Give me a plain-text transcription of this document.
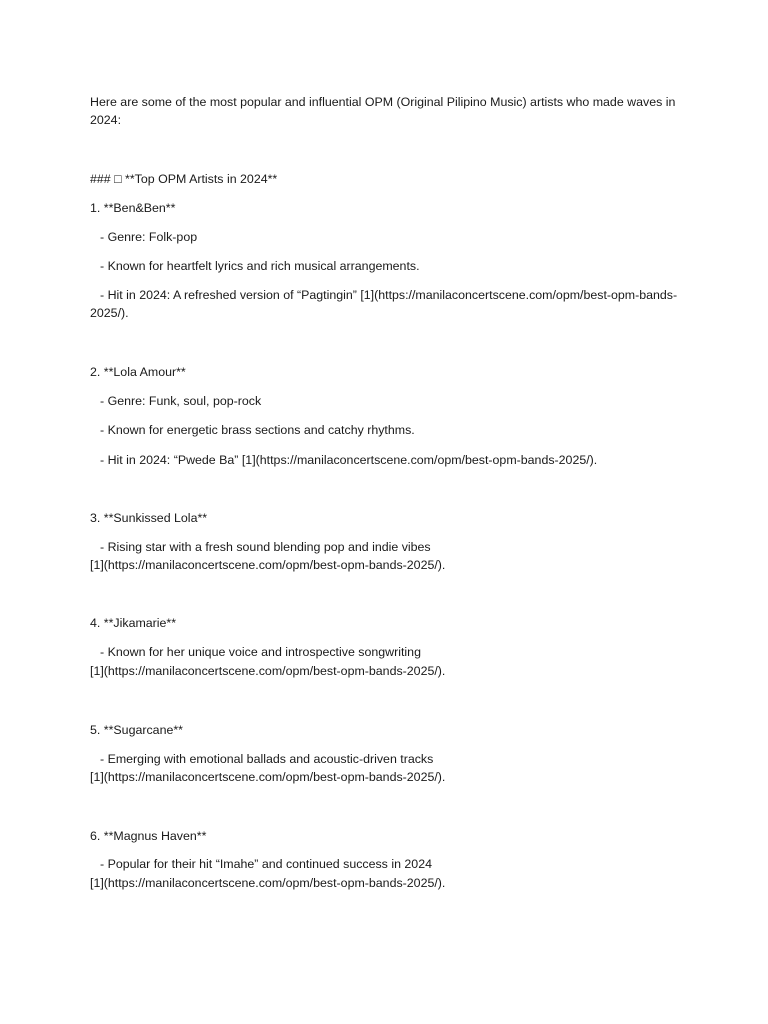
Here are some of the most popular and influential OPM (Original Pilipino Music) artists who made waves in 2024:

### □ **Top OPM Artists in 2024**

1. **Ben&Ben**

- Genre: Folk-pop

- Known for heartfelt lyrics and rich musical arrangements.

- Hit in 2024: A refreshed version of “Pagtingin” [1](https://manilaconcertscene.com/opm/best-opm-bands-2025/).

2. **Lola Amour**

- Genre: Funk, soul, pop-rock

- Known for energetic brass sections and catchy rhythms.

- Hit in 2024: “Pwede Ba” [1](https://manilaconcertscene.com/opm/best-opm-bands-2025/).

3. **Sunkissed Lola**

- Rising star with a fresh sound blending pop and indie vibes

[1](https://manilaconcertscene.com/opm/best-opm-bands-2025/).

4. **Jikamarie**

- Known for her unique voice and introspective songwriting

[1](https://manilaconcertscene.com/opm/best-opm-bands-2025/).

5. **Sugarcane**

- Emerging with emotional ballads and acoustic-driven tracks

[1](https://manilaconcertscene.com/opm/best-opm-bands-2025/).

6. **Magnus Haven**

- Popular for their hit “Imahe” and continued success in 2024

[1](https://manilaconcertscene.com/opm/best-opm-bands-2025/).
